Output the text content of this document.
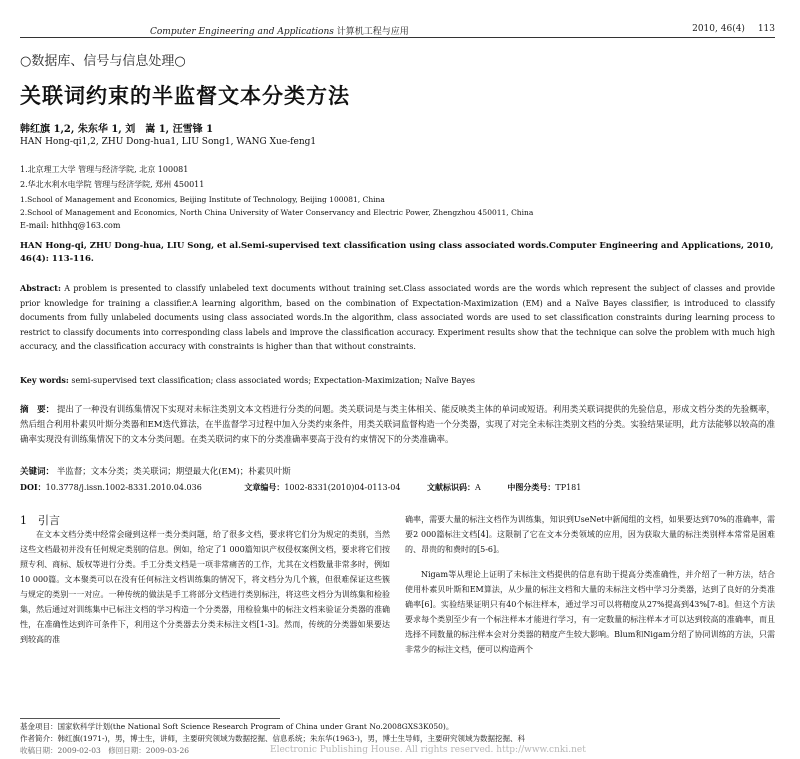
Computer Engineering and Applications 计算机工程与应用	2010, 46(4) 113
○数据库、信号与信息处理○
关联词约束的半监督文本分类方法
韩红旗 1,2, 朱东华 1, 刘　嵩 1, 汪雪锋 1
HAN Hong-qi1,2, ZHU Dong-hua1, LIU Song1, WANG Xue-feng1
1.北京理工大学 管理与经济学院, 北京 100081
2.华北水利水电学院 管理与经济学院, 郑州 450011
1.School of Management and Economics, Beijing Institute of Technology, Beijing 100081, China
2.School of Management and Economics, North China University of Water Conservancy and Electric Power, Zhengzhou 450011, China
E-mail: hithhq@163.com
HAN Hong-qi, ZHU Dong-hua, LIU Song, et al.Semi-supervised text classification using class associated words.Computer Engineering and Applications, 2010, 46(4): 113-116.
Abstract: A problem is presented to classify unlabeled text documents without training set.Class associated words are the words which represent the subject of classes and provide prior knowledge for training a classifier.A learning algorithm, based on the combination of Expectation-Maximization (EM) and a Naïve Bayes classifier, is introduced to classify documents from fully unlabeled documents using class associated words.In the algorithm, class associated words are used to set classification constraints during learning process to restrict to classify documents into corresponding class labels and improve the classification accuracy. Experiment results show that the technique can solve the problem with much high accuracy, and the classification accuracy with constraints is higher than that without constraints.
Key words: semi-supervised text classification; class associated words; Expectation-Maximization; Naïve Bayes
摘　要： 提出了一种没有训练集情况下实现对未标注类别文本文档进行分类的问题。类关联词是与类主体相关、能反映类主体的单词或短语。利用类关联词提供的先验信息，形成文档分类的先验概率，然后组合利用朴素贝叶斯分类器和EM迭代算法，在半监督学习过程中加入分类约束条件，用类关联词监督构造一个分类器，实现了对完全未标注类别文档的分类。实验结果证明，此方法能够以较高的准确率实现没有训练集情况下的文本分类问题。在类关联词约束下的分类准确率要高于没有约束情况下的分类准确率。
关键词： 半监督；文本分类；类关联词；期望最大化(EM)；朴素贝叶斯
DOI：10.3778/j.issn.1002-8331.2010.04.036	文章编号：1002-8331(2010)04-0113-04	文献标识码：A	中图分类号：TP181
1　引言
在文本文档分类中经常会碰到这样一类分类问题，给了很多文档，要求将它们分为规定的类别，当然这些文档最初并没有任何规定类别的信息。例如，给定了1 000篇知识产权侵权案例文档，要求将它们按照专利、商标、版权等进行分类。手工分类文档是一项非常痛苦的工作，尤其在文档数量非常多时，例如10 000篇。文本聚类可以在没有任何标注文档训练集的情况下，将文档分为几个簇，但很难保证这些簇与规定的类别一一对应。一种传统的做法是手工将部分文档进行类别标注，将这些文档分为训练集和检验集，然后通过对训练集中已标注文档的学习构造一个分类器，用检验集中的标注文档来验证分类器的准确性，在准确性达到许可条件下，利用这个分类器去分类未标注文档[1-3]。然而，传统的分类器如果要达到较高的准
确率，需要大量的标注文档作为训练集，知识到UseNet中新闻组的文档，如果要达到70%的准确率，需要2 000篇标注文档[4]。这限制了它在文本分类领域的应用，因为获取大量的标注类别样本常常是困难的、昂贵的和费时的[5-6]。
Nigam等从理论上证明了未标注文档提供的信息有助于提高分类准确性，并介绍了一种方法，结合使用朴素贝叶斯和EM算法，从少量的标注文档和大量的未标注文档中学习分类器，达到了良好的分类准确率[6]。实验结果证明只有40个标注样本，通过学习可以将精度从27%提高到43%[7-8]。但这个方法要求每个类别至少有一个标注样本才能进行学习，有一定数量的标注样本才可以达到较高的准确率，而且选择不同数量的标注样本会对分类器的精度产生较大影响。Blum和Nigam分绍了协同训练的方法，只需非常少的标注文档，便可以构造两个
基金项目：国家软科学计划(the National Soft Science Research Program of China under Grant No.2008GXS3K050)。
作者简介：韩红旗(1971-)，男，博士生，讲师，主要研究领域为数据挖掘、信息系统；朱东华(1963-)，男，博士生导师，主要研究领域为数据挖掘、科
Electronic Publishing House. All rights reserved. http://www.cnki.net
收稿日期：2009-02-03　修回日期：2009-03-26
